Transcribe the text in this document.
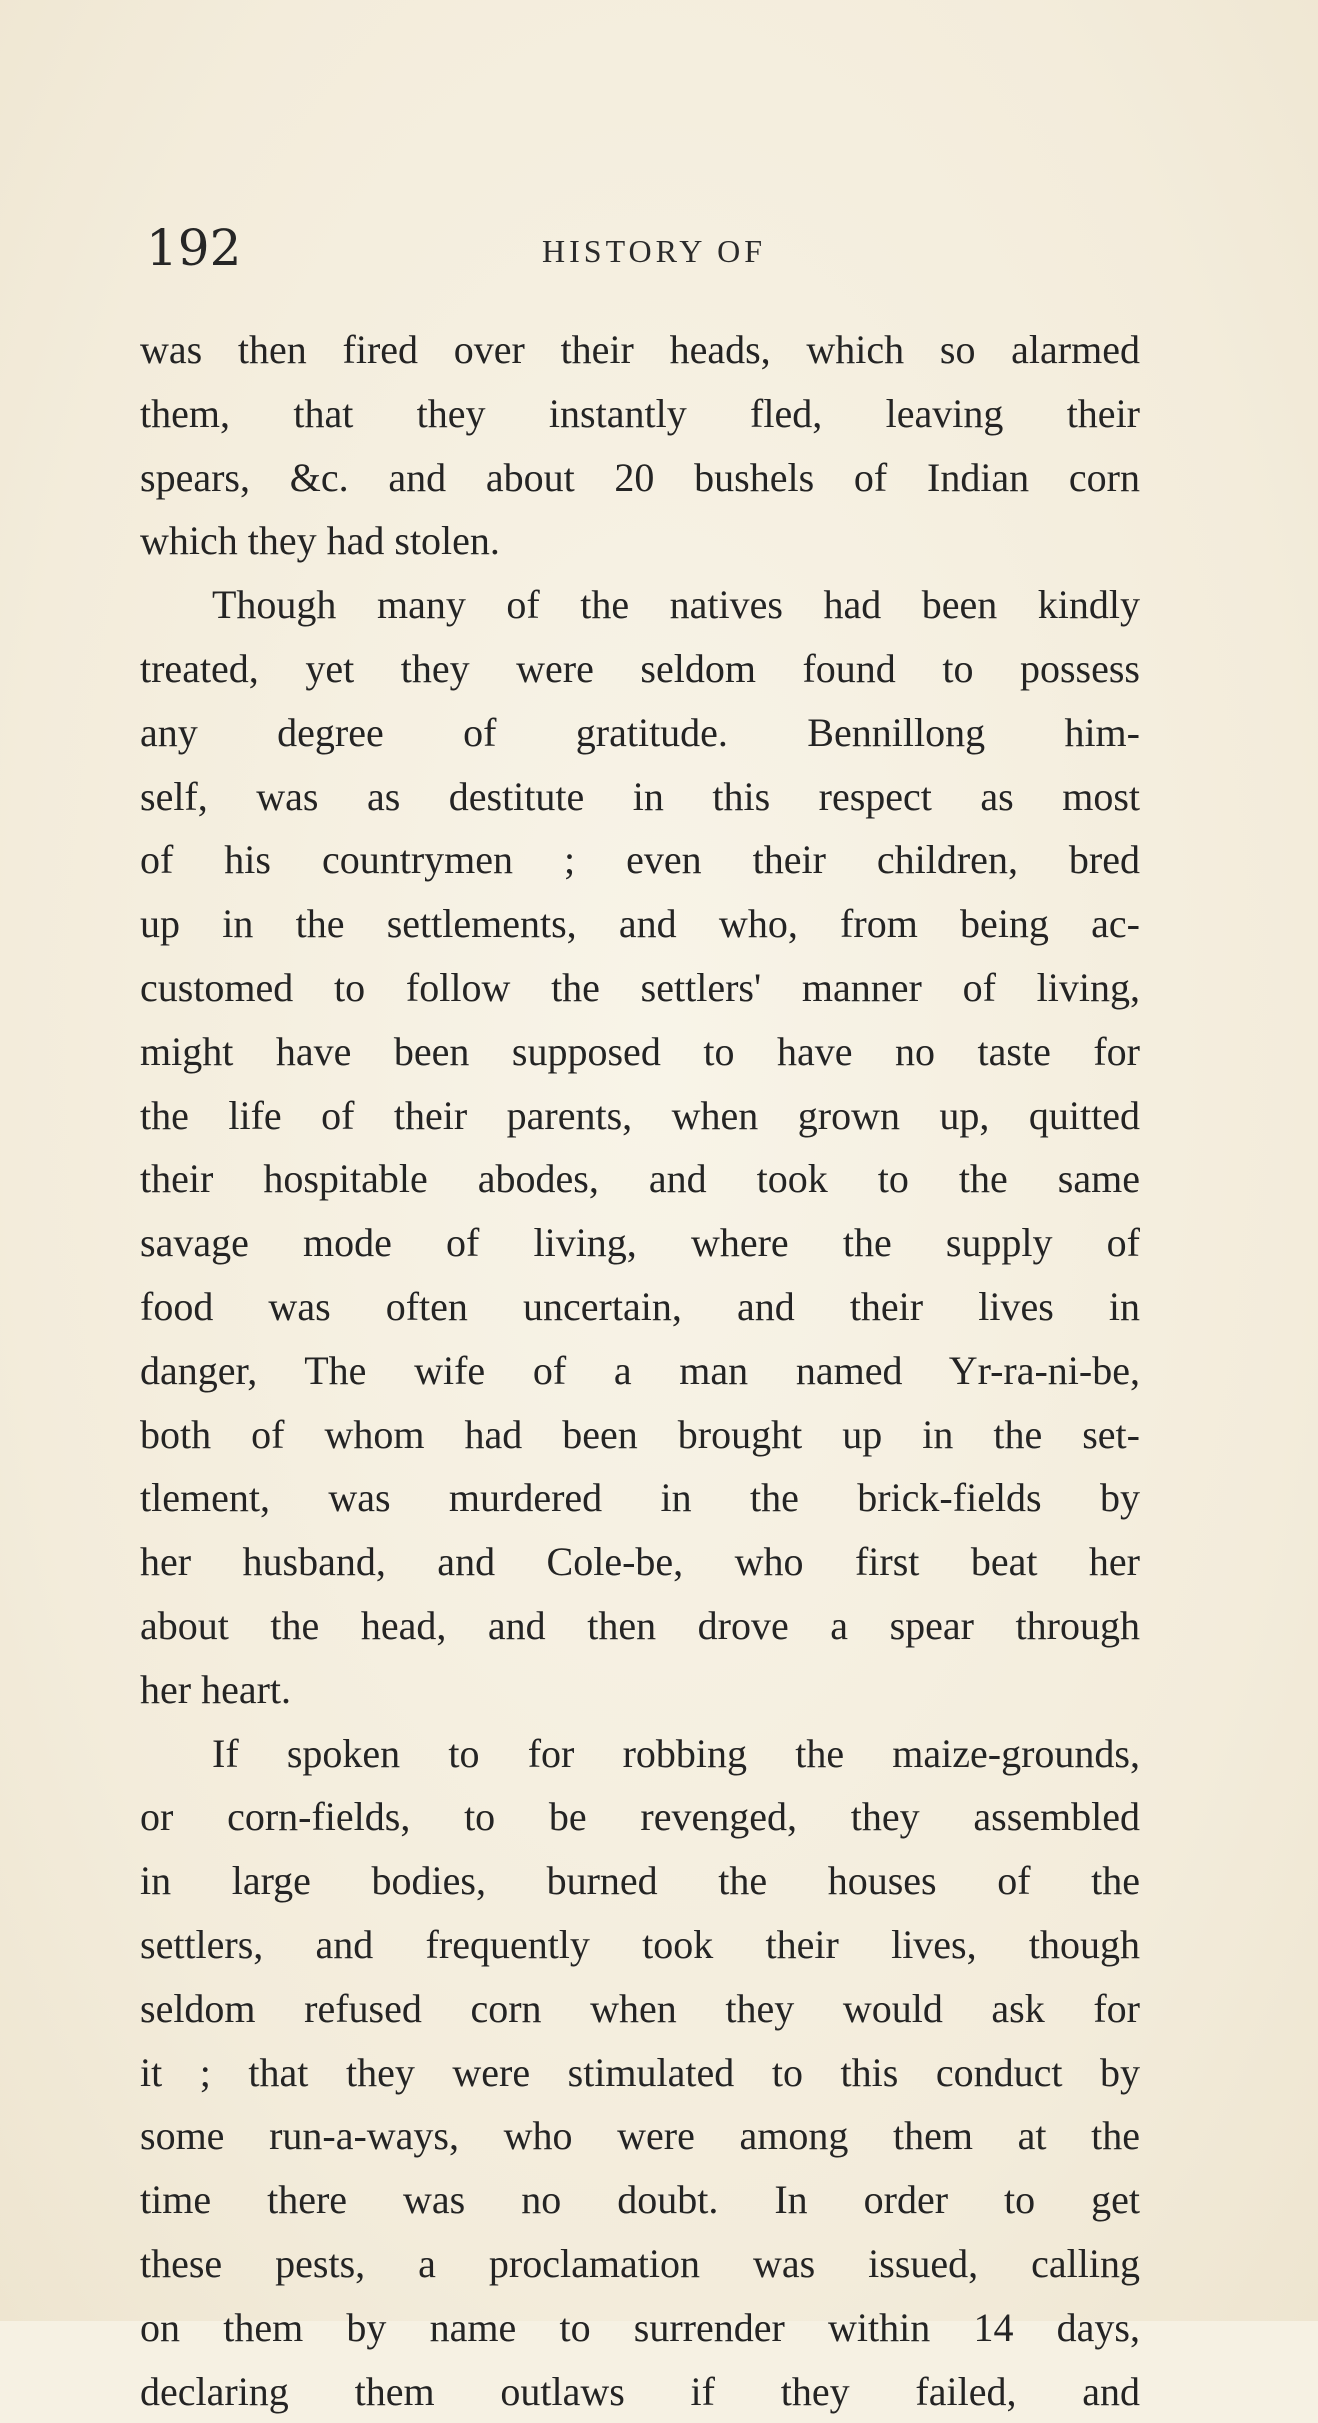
192	HISTORY OF
was then fired over their heads, which so alarmed
them, that they instantly fled, leaving their
spears, &c. and about 20 bushels of Indian corn
which they had stolen.
Though many of the natives had been kindly
treated, yet they were seldom found to possess
any degree of gratitude. Bennillong him-
self, was as destitute in this respect as most
of his countrymen ; even their children, bred
up in the settlements, and who, from being ac-
customed to follow the settlers' manner of living,
might have been supposed to have no taste for
the life of their parents, when grown up, quitted
their hospitable abodes, and took to the same
savage mode of living, where the supply of
food was often uncertain, and their lives in
danger, The wife of a man named Yr-ra-ni-be,
both of whom had been brought up in the set-
tlement, was murdered in the brick-fields by
her husband, and Cole-be, who first beat her
about the head, and then drove a spear through
her heart.
If spoken to for robbing the maize-grounds,
or corn-fields, to be revenged, they assembled
in large bodies, burned the houses of the
settlers, and frequently took their lives, though
seldom refused corn when they would ask for
it ; that they were stimulated to this conduct by
some run-a-ways, who were among them at the
time there was no doubt. In order to get
these pests, a proclamation was issued, calling
on them by name to surrender within 14 days,
declaring them outlaws if they failed, and
